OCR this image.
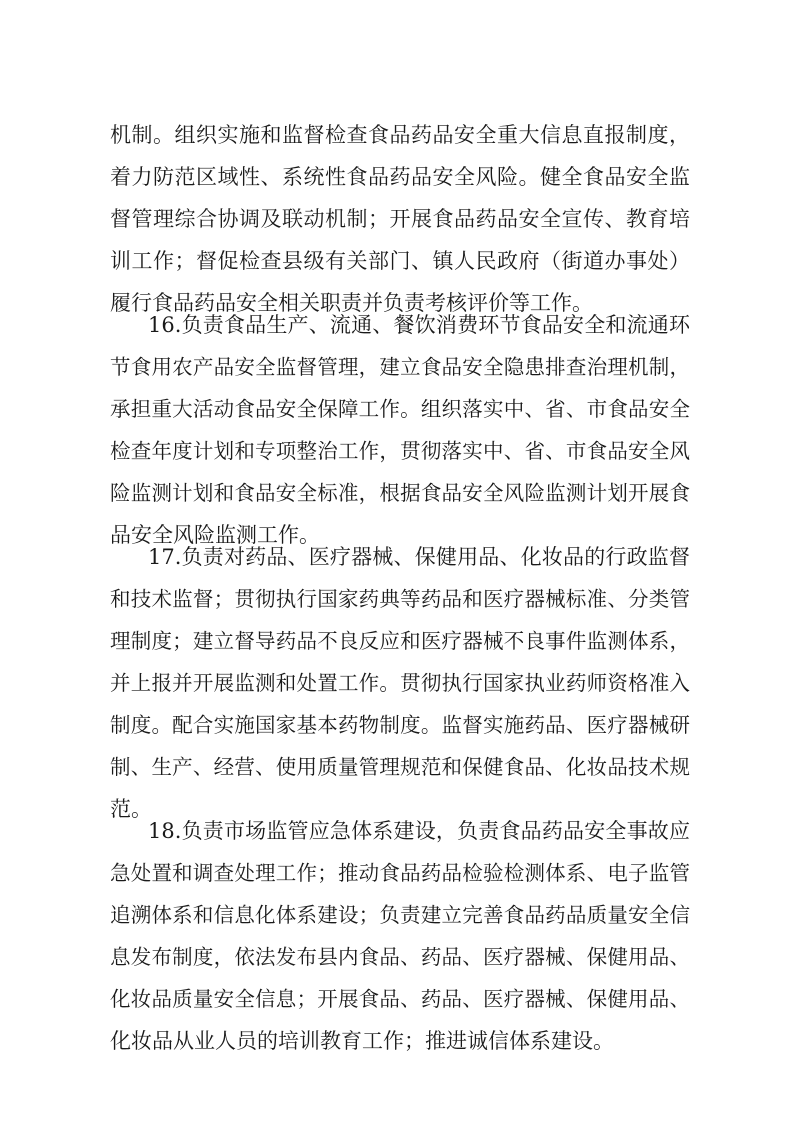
机制。组织实施和监督检查食品药品安全重大信息直报制度，
着力防范区域性、系统性食品药品安全风险。健全食品安全监
督管理综合协调及联动机制；开展食品药品安全宣传、教育培
训工作；督促检查县级有关部门、镇人民政府（街道办事处）
履行食品药品安全相关职责并负责考核评价等工作。
16.负责食品生产、流通、餐饮消费环节食品安全和流通环
节食用农产品安全监督管理，建立食品安全隐患排查治理机制，
承担重大活动食品安全保障工作。组织落实中、省、市食品安全
检查年度计划和专项整治工作，贯彻落实中、省、市食品安全风
险监测计划和食品安全标准，根据食品安全风险监测计划开展食
品安全风险监测工作。
17.负责对药品、医疗器械、保健用品、化妆品的行政监督
和技术监督；贯彻执行国家药典等药品和医疗器械标准、分类管
理制度；建立督导药品不良反应和医疗器械不良事件监测体系，
并上报并开展监测和处置工作。贯彻执行国家执业药师资格准入
制度。配合实施国家基本药物制度。监督实施药品、医疗器械研
制、生产、经营、使用质量管理规范和保健食品、化妆品技术规
范。
18.负责市场监管应急体系建设，负责食品药品安全事故应
急处置和调查处理工作；推动食品药品检验检测体系、电子监管
追溯体系和信息化体系建设；负责建立完善食品药品质量安全信
息发布制度，依法发布县内食品、药品、医疗器械、保健用品、
化妆品质量安全信息；开展食品、药品、医疗器械、保健用品、
化妆品从业人员的培训教育工作；推进诚信体系建设。
